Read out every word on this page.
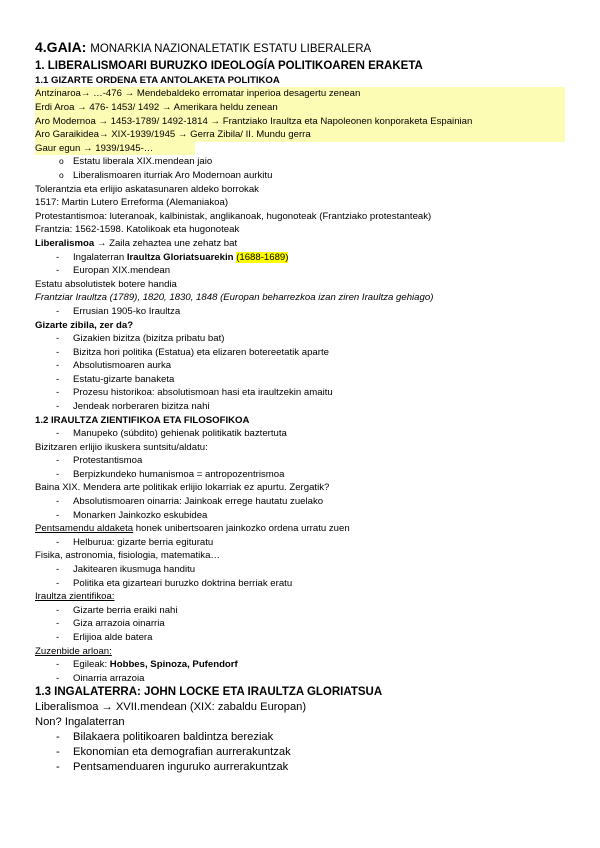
4.GAIA: MONARKIA NAZIONALETATIK ESTATU LIBERALERA
1. LIBERALISMOARI BURUZKO IDEOLOGÍA POLITIKOAREN ERAKETA
1.1 GIZARTE ORDENA ETA ANTOLAKETA POLITIKOA
Antzinaroa→ …-476 → Mendebaldeko erromatar inperioa desagertu zenean
Erdi Aroa → 476- 1453/ 1492 → Amerikara heldu zenean
Aro Modernoa → 1453-1789/ 1492-1814 → Frantziako Iraultza eta Napoleonen konporaketa Espainian
Aro Garaikidea→ XIX-1939/1945 → Gerra Zibila/ II. Mundu gerra
Gaur egun → 1939/1945-…
o Estatu liberala XIX.mendean jaio
o Liberalismoaren iturriak Aro Modernoan aurkitu
Tolerantzia eta erlijio askatasunaren aldeko borrokak
1517: Martin Lutero Erreforma (Alemaniakoa)
Protestantismoa: luteranoak, kalbinistak, anglikanoak, hugonoteak (Frantziako protestanteak)
Frantzia: 1562-1598. Katolikoak eta hugonoteak
Liberalismoa → Zaila zehaztea une zehatz bat
- Ingalaterran Iraultza Gloriatsuarekin (1688-1689)
- Europan XIX.mendean
Estatu absolutistek botere handia
Frantziar Iraultza (1789), 1820, 1830, 1848 (Europan beharrezkoa izan ziren Iraultza gehiago)
- Errusian 1905-ko Iraultza
Gizarte zibila, zer da?
- Gizakien bizitza (bizitza pribatu bat)
- Bizitza hori politika (Estatua) eta elizaren botereetatik aparte
- Absolutismoaren aurka
- Estatu-gizarte banaketa
- Prozesu historikoa: absolutismoan hasi eta iraultzekin amaitu
- Jendeak norberaren bizitza nahi
1.2 IRAULTZA ZIENTIFIKOA ETA FILOSOFIKOA
- Manupeko (súbdito) gehienak politikatik baztertuta
Bizitzaren erlijio ikuskera suntsitu/aldatu:
- Protestantismoa
- Berpizkundeko humanismoa = antropozentrismoa
Baina XIX. Mendera arte politikak erlijio lokarriak ez apurtu. Zergatik?
- Absolutismoaren oinarria: Jainkoak errege hautatu zuelako
- Monarken Jainkozko eskubidea
Pentsamendu aldaketa honek unibertsoaren jainkozko ordena urratu zuen
- Helburua: gizarte berria egituratu
Fisika, astronomia, fisiologia, matematika…
- Jakitearen ikusmuga handitu
- Politika eta gizarteari buruzko doktrina berriak eratu
Iraultza zientifikoa:
- Gizarte berria eraiki nahi
- Giza arrazoia oinarria
- Erlijioa alde batera
Zuzenbide arloan:
- Egileak: Hobbes, Spinoza, Pufendorf
- Oinarria arrazoia
1.3 INGALATERRA: JOHN LOCKE ETA IRAULTZA GLORIATSUA
Liberalismoa → XVII.mendean (XIX: zabaldu Europan)
Non? Ingalaterran
- Bilakaera politikoaren baldintza bereziak
- Ekonomian eta demografian aurrerakuntzak
- Pentsamenduaren inguruko aurrerakuntzak
